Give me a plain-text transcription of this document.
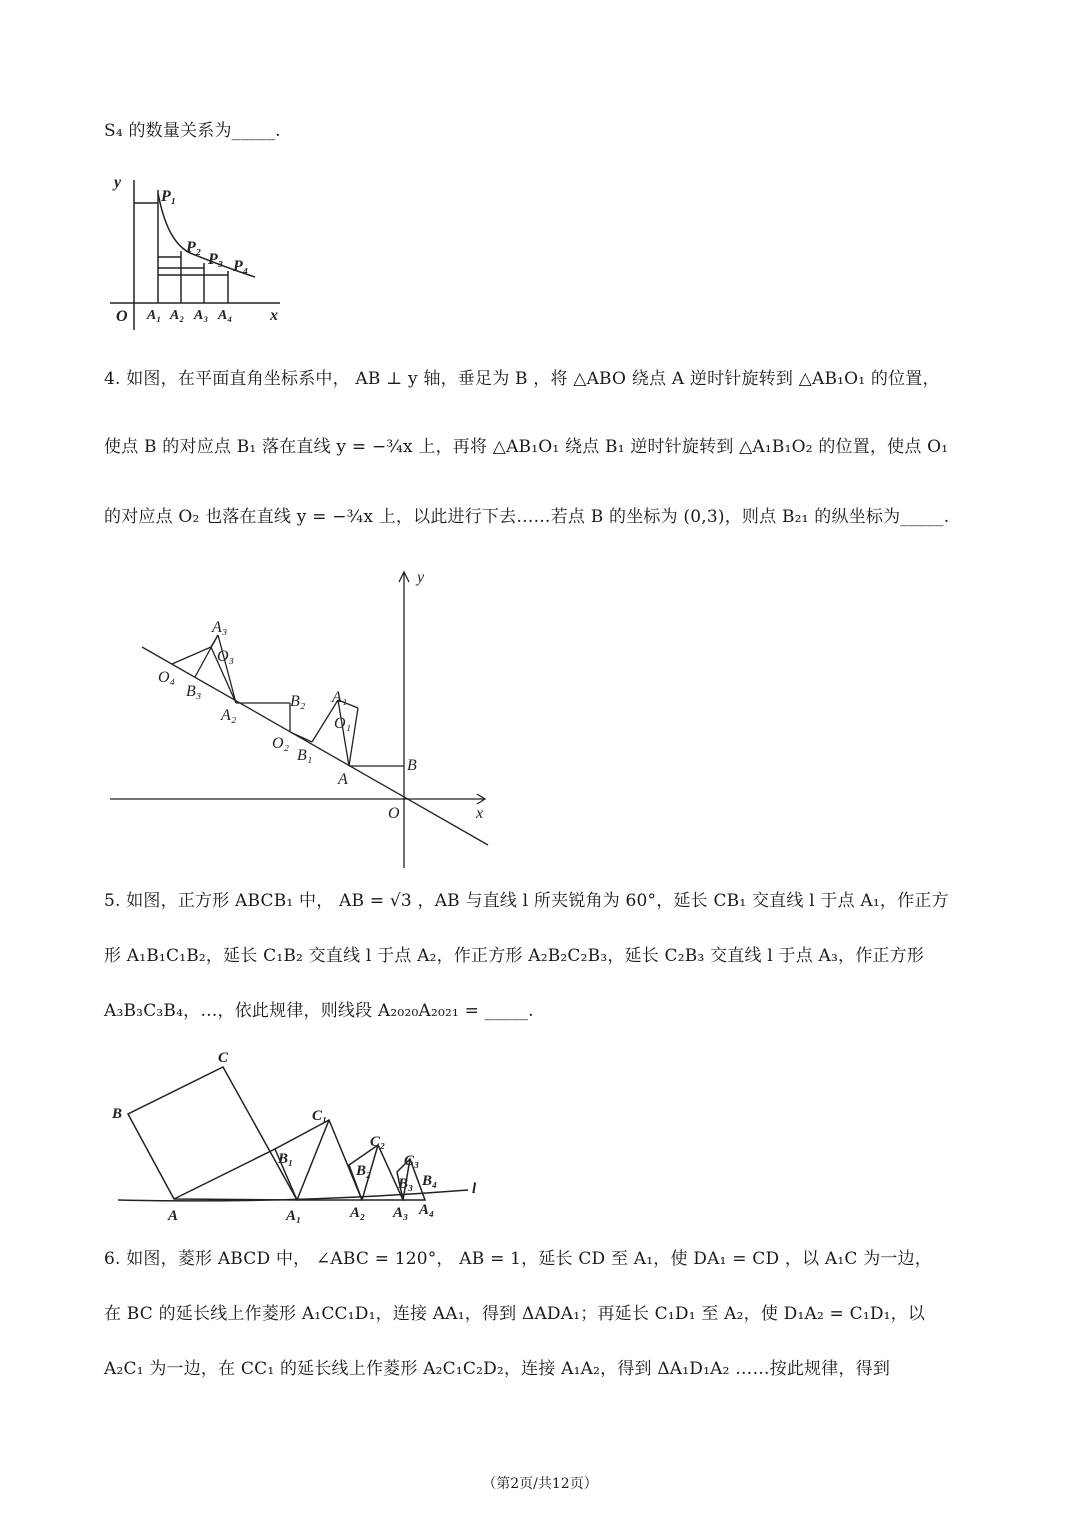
S₄ 的数量关系为_____.
y
x
O
P₁
P₂
P₃ P₄
A₁ A₂ A₃ A₄
4. 如图，在平面直角坐标系中， AB ⊥ y 轴，垂足为 B ，将 △ABO 绕点 A 逆时针旋转到 △AB₁O₁ 的位置，
使点 B 的对应点 B₁ 落在直线 y = −¾x 上，再将 △AB₁O₁ 绕点 B₁ 逆时针旋转到 △A₁B₁O₂ 的位置，使点 O₁
的对应点 O₂ 也落在直线 y = −¾x 上，以此进行下去……若点 B 的坐标为 (0,3)，则点 B₂₁ 的纵坐标为_____.
y
x
O
A₃
O₃
O₄
B₃
A₂
B₂ A₁
O₁
O₂
B₁
A
B
5. 如图，正方形 ABCB₁ 中， AB = √3 ，AB 与直线 l 所夹锐角为 60°，延长 CB₁ 交直线 l 于点 A₁，作正方
形 A₁B₁C₁B₂，延长 C₁B₂ 交直线 l 于点 A₂，作正方形 A₂B₂C₂B₃，延长 C₂B₃ 交直线 l 于点 A₃，作正方形
A₃B₃C₃B₄，…，依此规律，则线段 A₂₀₂₀A₂₀₂₁ = _____.
C
B	C₁
B₁
C₂
B₂
C₃
B₃ B₄ l
A	A₁	A₂ A₃ A₄
6. 如图，菱形 ABCD 中， ∠ABC = 120°， AB = 1，延长 CD 至 A₁，使 DA₁ = CD ，以 A₁C 为一边，
在 BC 的延长线上作菱形 A₁CC₁D₁，连接 AA₁，得到 ΔADA₁；再延长 C₁D₁ 至 A₂，使 D₁A₂ = C₁D₁，以
A₂C₁ 为一边，在 CC₁ 的延长线上作菱形 A₂C₁C₂D₂，连接 A₁A₂，得到 ΔA₁D₁A₂ ……按此规律，得到
（第2页/共12页）
